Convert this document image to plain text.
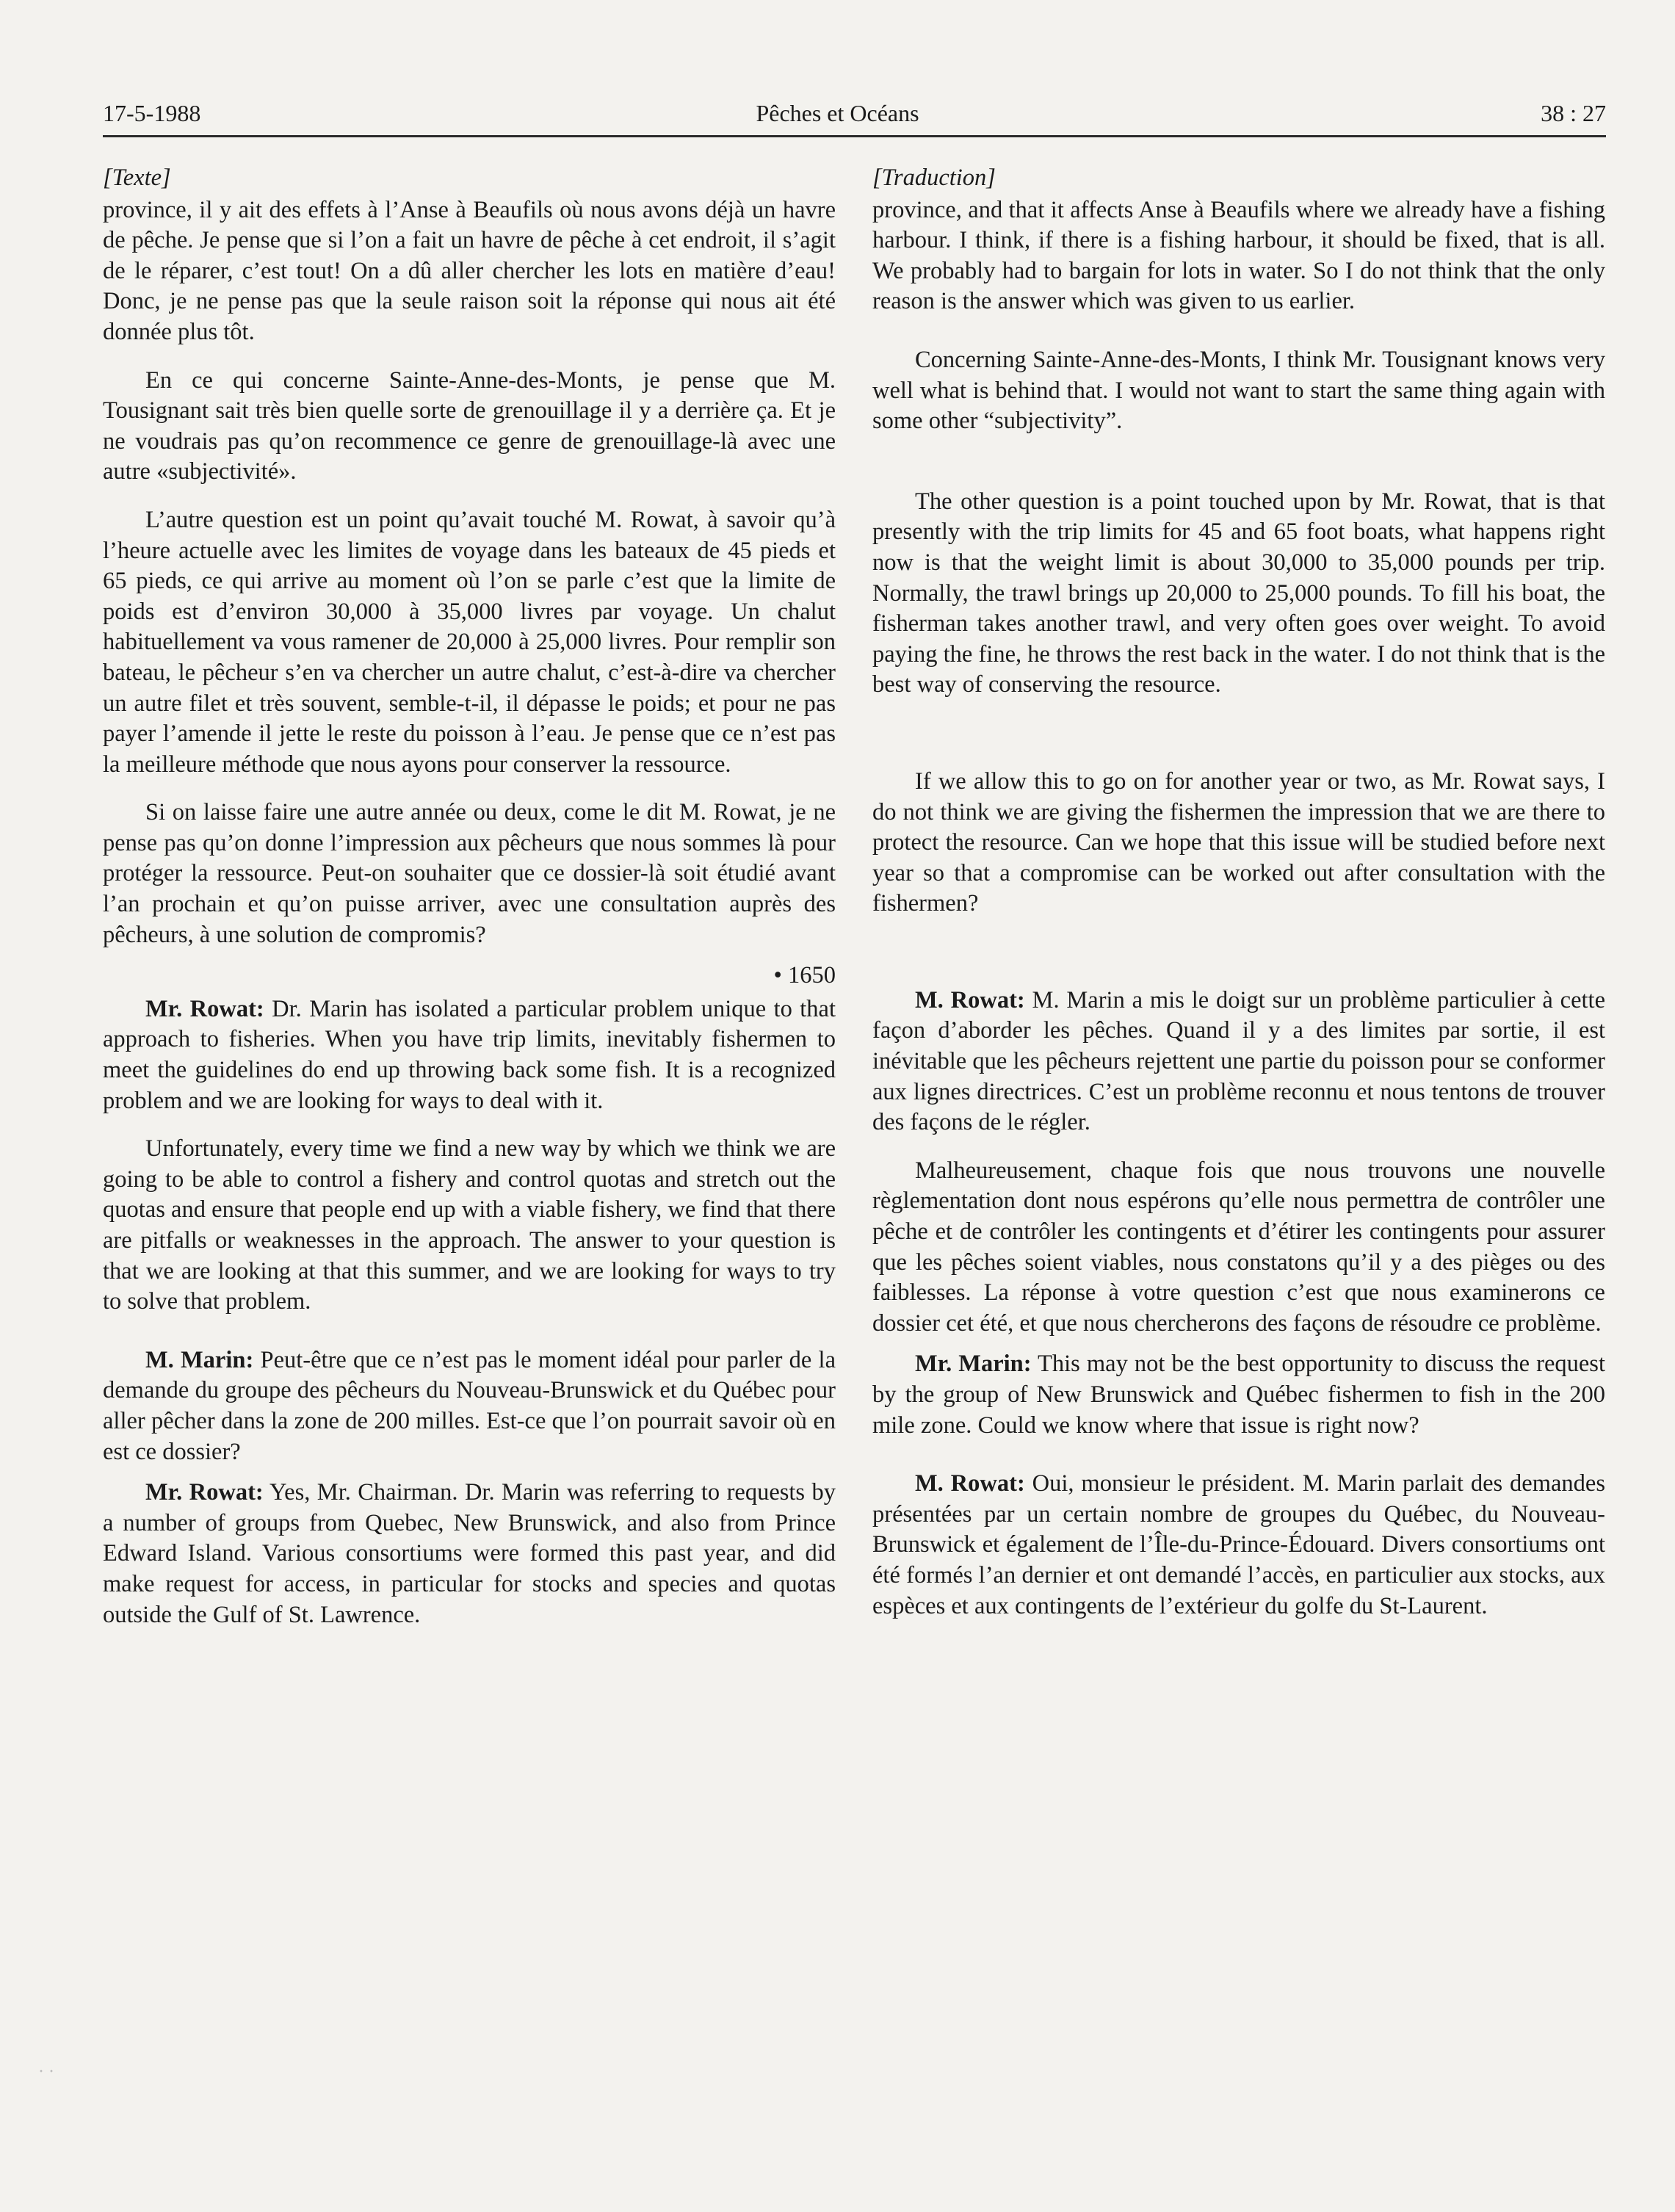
Pêches et Océans
17-5-1988	38 : 27

[Texte]

province, il y ait des effets à l’Anse à Beaufils où nous avons déjà un havre de pêche. Je pense que si l’on a fait un havre de pêche à cet endroit, il s’agit de le réparer, c’est tout! On a dû aller chercher les lots en matière d’eau! Donc, je ne pense pas que la seule raison soit la réponse qui nous ait été donnée plus tôt.

En ce qui concerne Sainte-Anne-des-Monts, je pense que M. Tousignant sait très bien quelle sorte de grenouillage il y a derrière ça. Et je ne voudrais pas qu’on recommence ce genre de grenouillage-là avec une autre «subjectivité».

L’autre question est un point qu’avait touché M. Rowat, à savoir qu’à l’heure actuelle avec les limites de voyage dans les bateaux de 45 pieds et 65 pieds, ce qui arrive au moment où l’on se parle c’est que la limite de poids est d’environ 30,000 à 35,000 livres par voyage. Un chalut habituellement va vous ramener de 20,000 à 25,000 livres. Pour remplir son bateau, le pêcheur s’en va chercher un autre chalut, c’est-à-dire va chercher un autre filet et très souvent, semble-t-il, il dépasse le poids; et pour ne pas payer l’amende il jette le reste du poisson à l’eau. Je pense que ce n’est pas la meilleure méthode que nous ayons pour conserver la ressource.

Si on laisse faire une autre année ou deux, come le dit M. Rowat, je ne pense pas qu’on donne l’impression aux pêcheurs que nous sommes là pour protéger la ressource. Peut-on souhaiter que ce dossier-là soit étudié avant l’an prochain et qu’on puisse arriver, avec une consultation auprès des pêcheurs, à une solution de compromis?

• 1650

Mr. Rowat: Dr. Marin has isolated a particular problem unique to that approach to fisheries. When you have trip limits, inevitably fishermen to meet the guidelines do end up throwing back some fish. It is a recognized problem and we are looking for ways to deal with it.

Unfortunately, every time we find a new way by which we think we are going to be able to control a fishery and control quotas and stretch out the quotas and ensure that people end up with a viable fishery, we find that there are pitfalls or weaknesses in the approach. The answer to your question is that we are looking at that this summer, and we are looking for ways to try to solve that problem.

M. Marin: Peut-être que ce n’est pas le moment idéal pour parler de la demande du groupe des pêcheurs du Nouveau-Brunswick et du Québec pour aller pêcher dans la zone de 200 milles. Est-ce que l’on pourrait savoir où en est ce dossier?

Mr. Rowat: Yes, Mr. Chairman. Dr. Marin was referring to requests by a number of groups from Quebec, New Brunswick, and also from Prince Edward Island. Various consortiums were formed this past year, and did make request for access, in particular for stocks and species and quotas outside the Gulf of St. Lawrence.

[Traduction]

province, and that it affects Anse à Beaufils where we already have a fishing harbour. I think, if there is a fishing harbour, it should be fixed, that is all. We probably had to bargain for lots in water. So I do not think that the only reason is the answer which was given to us earlier.

Concerning Sainte-Anne-des-Monts, I think Mr. Tousignant knows very well what is behind that. I would not want to start the same thing again with some other “subjectivity”.

The other question is a point touched upon by Mr. Rowat, that is that presently with the trip limits for 45 and 65 foot boats, what happens right now is that the weight limit is about 30,000 to 35,000 pounds per trip. Normally, the trawl brings up 20,000 to 25,000 pounds. To fill his boat, the fisherman takes another trawl, and very often goes over weight. To avoid paying the fine, he throws the rest back in the water. I do not think that is the best way of conserving the resource.

If we allow this to go on for another year or two, as Mr. Rowat says, I do not think we are giving the fishermen the impression that we are there to protect the resource. Can we hope that this issue will be studied before next year so that a compromise can be worked out after consultation with the fishermen?

M. Rowat: M. Marin a mis le doigt sur un problème particulier à cette façon d’aborder les pêches. Quand il y a des limites par sortie, il est inévitable que les pêcheurs rejettent une partie du poisson pour se conformer aux lignes directrices. C’est un problème reconnu et nous tentons de trouver des façons de le régler.

Malheureusement, chaque fois que nous trouvons une nouvelle règlementation dont nous espérons qu’elle nous permettra de contrôler une pêche et de contrôler les contingents et d’étirer les contingents pour assurer que les pêches soient viables, nous constatons qu’il y a des pièges ou des faiblesses. La réponse à votre question c’est que nous examinerons ce dossier cet été, et que nous chercherons des façons de résoudre ce problème.

Mr. Marin: This may not be the best opportunity to discuss the request by the group of New Brunswick and Québec fishermen to fish in the 200 mile zone. Could we know where that issue is right now?

M. Rowat: Oui, monsieur le président. M. Marin parlait des demandes présentées par un certain nombre de groupes du Québec, du Nouveau-Brunswick et également de l’Île-du-Prince-Édouard. Divers consortiums ont été formés l’an dernier et ont demandé l’accès, en particulier aux stocks, aux espèces et aux contingents de l’extérieur du golfe du St-Laurent.

··
